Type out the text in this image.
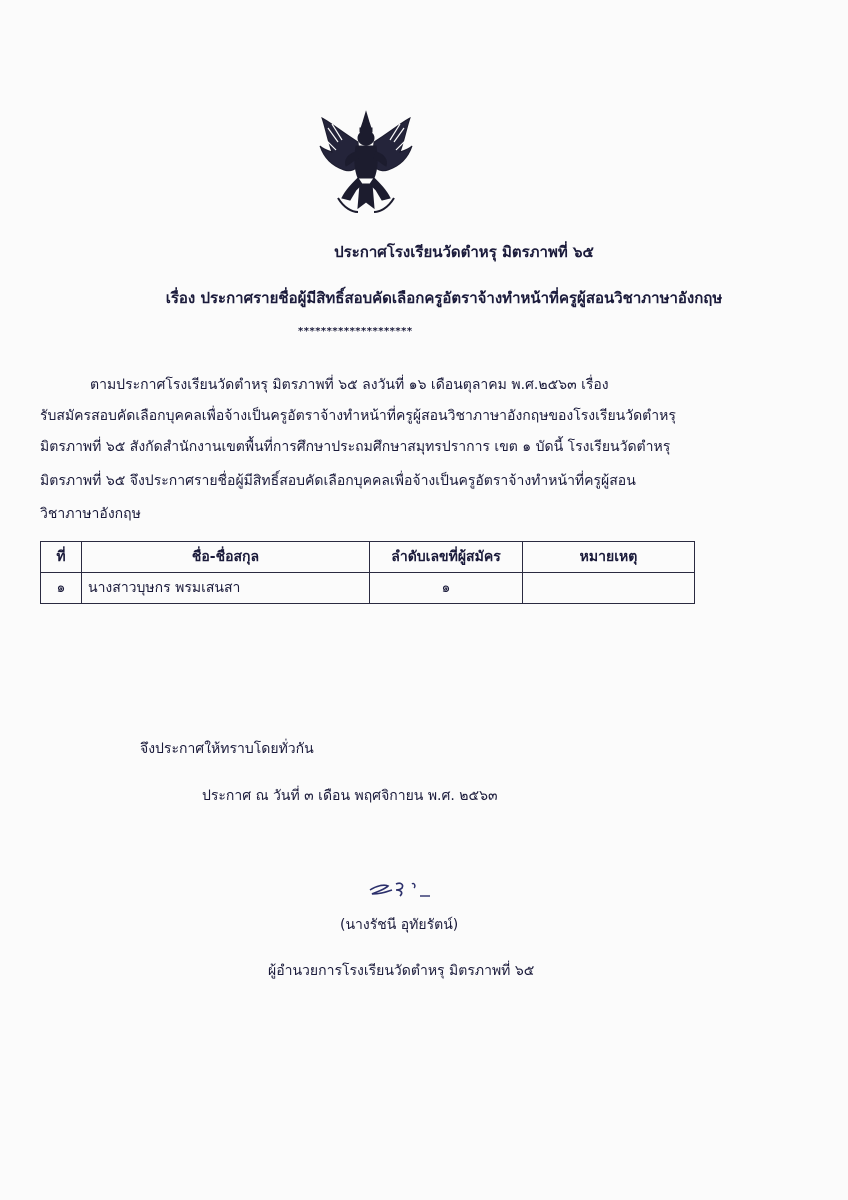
ประกาศโรงเรียนวัดตำหรุ มิตรภาพที่ ๖๕
เรื่อง ประกาศรายชื่อผู้มีสิทธิ์สอบคัดเลือกครูอัตราจ้างทำหน้าที่ครูผู้สอนวิชาภาษาอังกฤษ
********************
ตามประกาศโรงเรียนวัดตำหรุ มิตรภาพที่ ๖๕ ลงวันที่ ๑๖ เดือนตุลาคม พ.ศ.๒๕๖๓ เรื่อง
รับสมัครสอบคัดเลือกบุคคลเพื่อจ้างเป็นครูอัตราจ้างทำหน้าที่ครูผู้สอนวิชาภาษาอังกฤษของโรงเรียนวัดตำหรุ
มิตรภาพที่ ๖๕ สังกัดสำนักงานเขตพื้นที่การศึกษาประถมศึกษาสมุทรปราการ เขต ๑ บัดนี้ โรงเรียนวัดตำหรุ
มิตรภาพที่ ๖๕ จึงประกาศรายชื่อผู้มีสิทธิ์สอบคัดเลือกบุคคลเพื่อจ้างเป็นครูอัตราจ้างทำหน้าที่ครูผู้สอน
วิชาภาษาอังกฤษ
ที่	ชื่อ-ชื่อสกุล	ลำดับเลขที่ผู้สมัคร	หมายเหตุ
๑	นางสาวบุษกร พรมเสนสา	๑	
จึงประกาศให้ทราบโดยทั่วกัน
ประกาศ ณ วันที่ ๓ เดือน พฤศจิกายน พ.ศ. ๒๕๖๓
(นางรัชนี อุทัยรัตน์)
ผู้อำนวยการโรงเรียนวัดตำหรุ มิตรภาพที่ ๖๕
